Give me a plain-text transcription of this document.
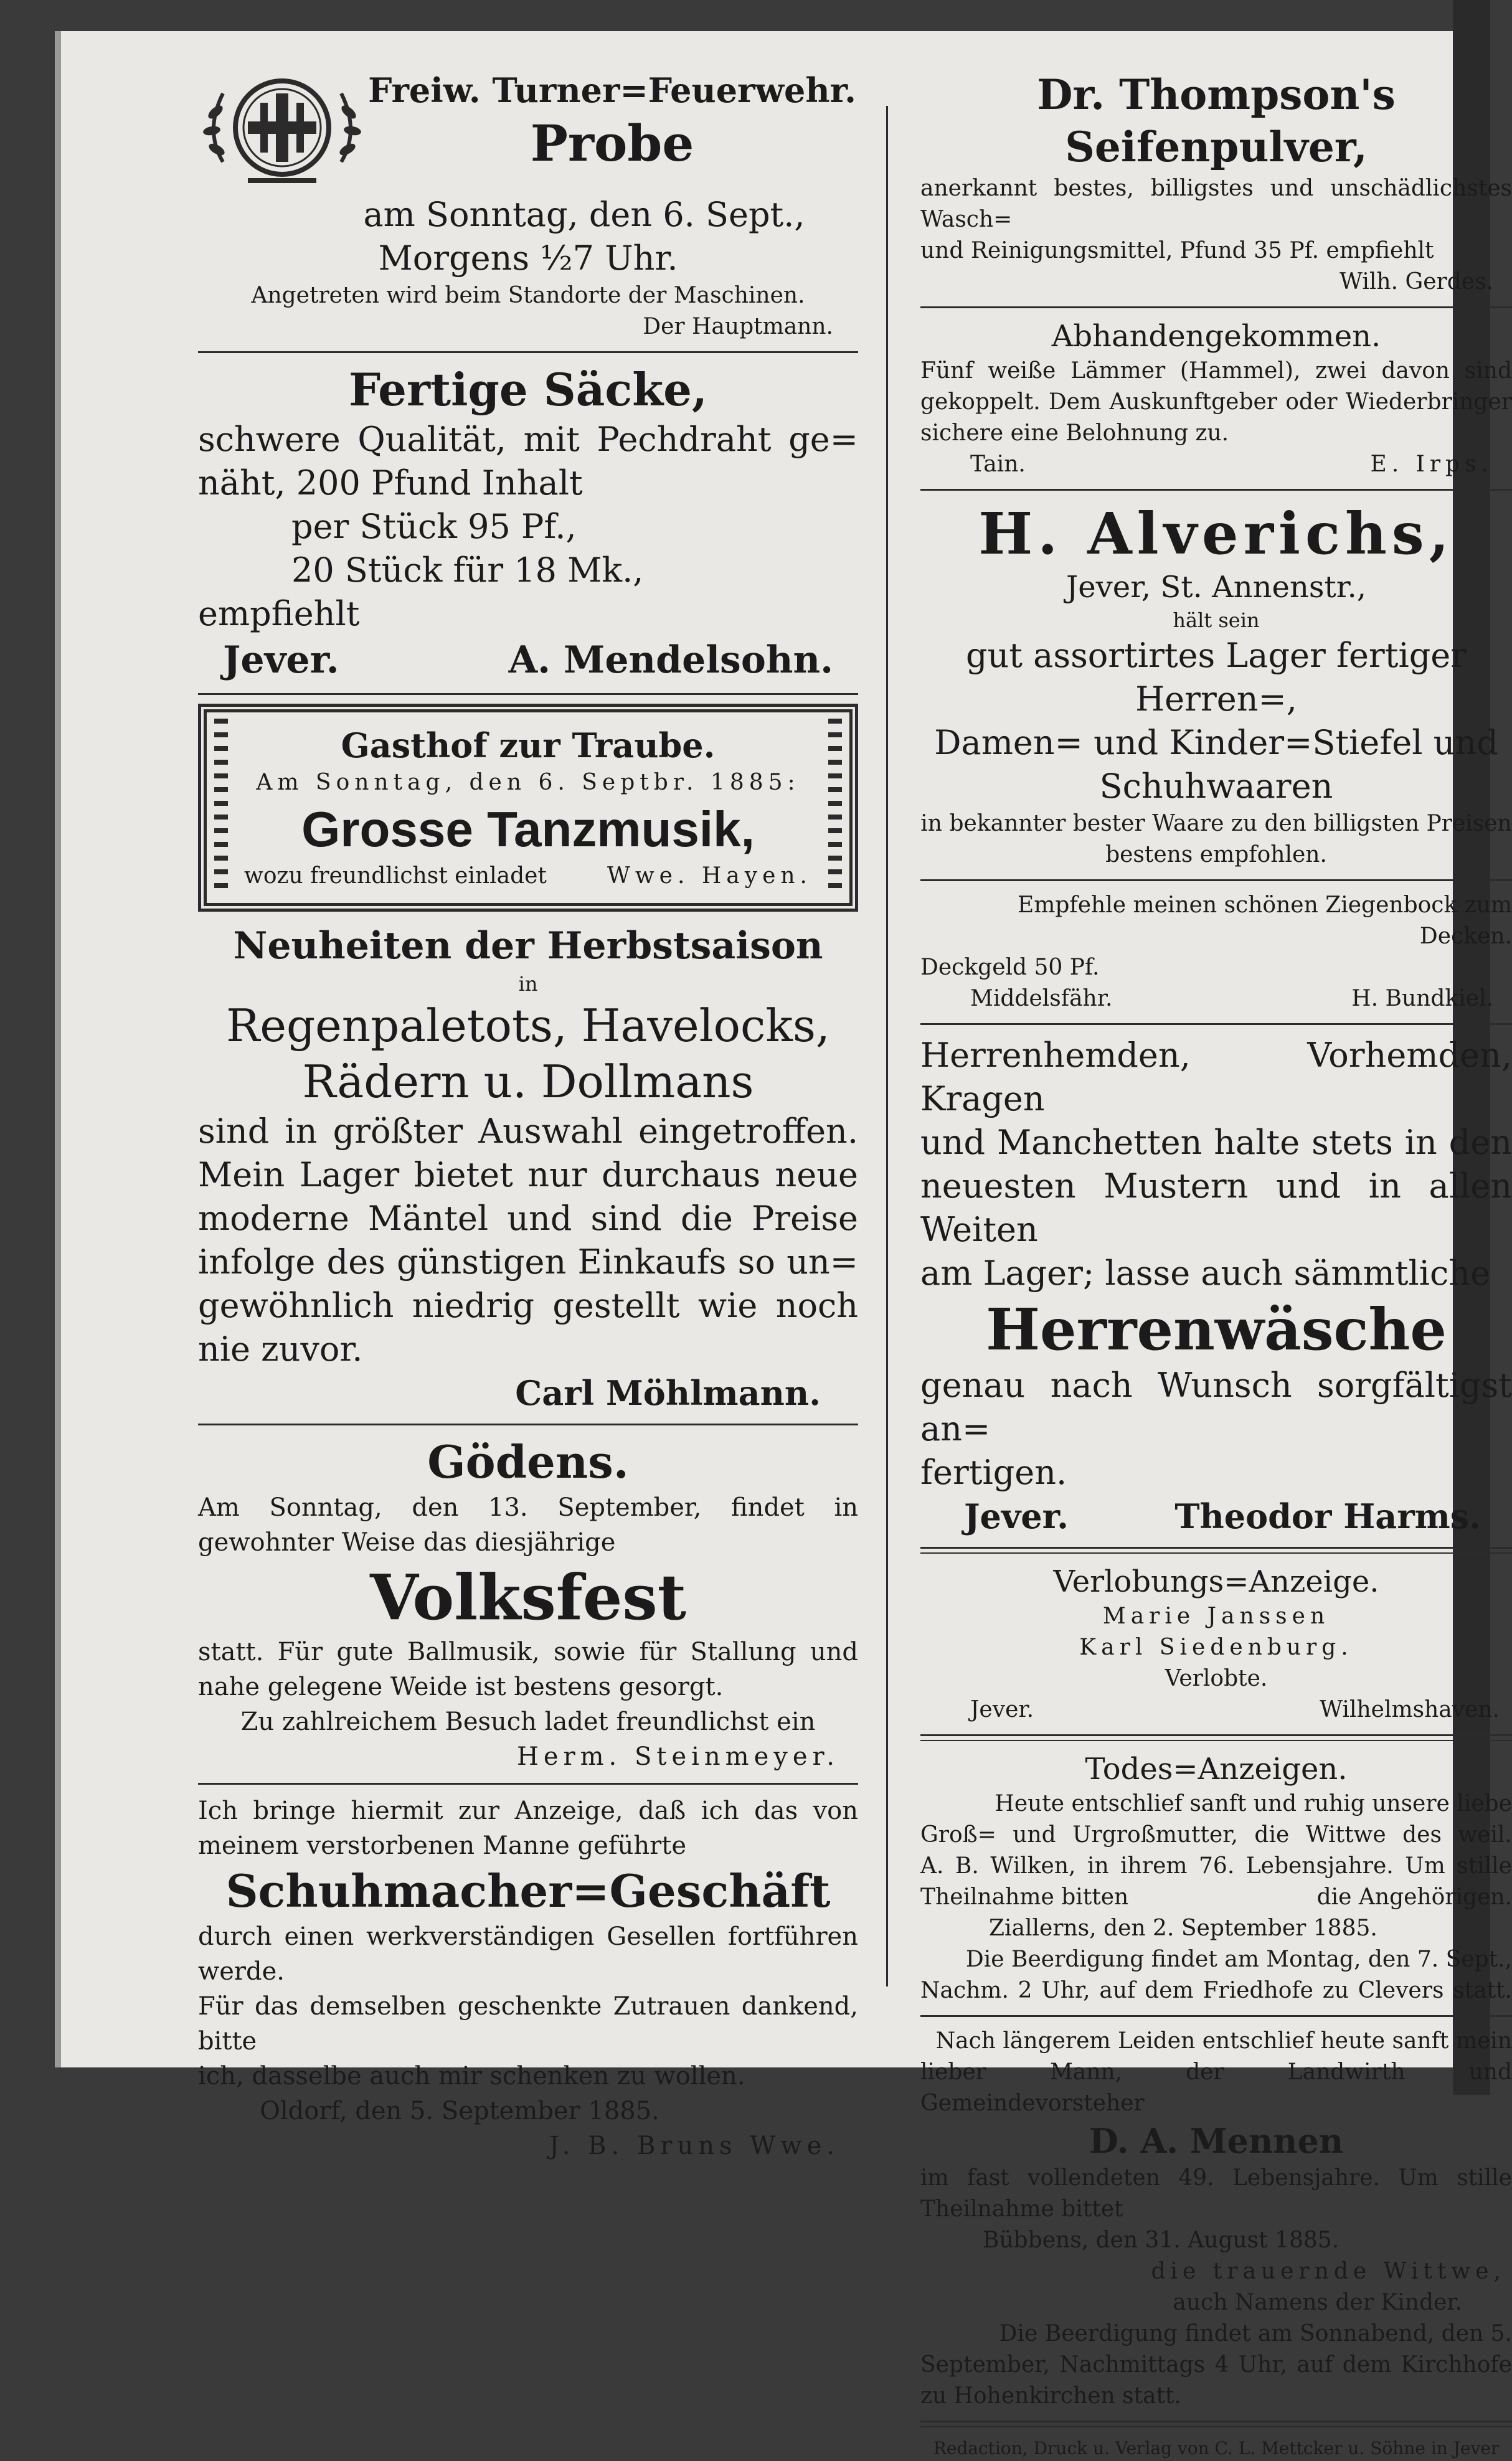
Freiw. Turner=Feuerwehr.
Probe
am Sonntag, den 6. Sept.,
Morgens ½7 Uhr.
Angetreten wird beim Standorte der Maschinen.
Der Hauptmann.
Fertige Säcke,
schwere Qualität, mit Pechdraht ge=
näht, 200 Pfund Inhalt
per Stück 95 Pf.,
20 Stück für 18 Mk.,
empfiehlt
Jever.	A. Mendelsohn.
Gasthof zur Traube.
Am Sonntag, den 6. Septbr. 1885:
Grosse Tanzmusik,
wozu freundlichst einladet	Wwe. Hayen.
Neuheiten der Herbstsaison
in
Regenpaletots, Havelocks,
Rädern u. Dollmans
sind in größter Auswahl eingetroffen.
Mein Lager bietet nur durchaus neue
moderne Mäntel und sind die Preise
infolge des günstigen Einkaufs so un=
gewöhnlich niedrig gestellt wie noch
nie zuvor.
Carl Möhlmann.
Gödens.
Am Sonntag, den 13. September, findet in
gewohnter Weise das diesjährige
Volksfest
statt. Für gute Ballmusik, sowie für Stallung und
nahe gelegene Weide ist bestens gesorgt.
Zu zahlreichem Besuch ladet freundlichst ein
Herm. Steinmeyer.
Ich bringe hiermit zur Anzeige, daß ich das von
meinem verstorbenen Manne geführte
Schuhmacher=Geschäft
durch einen werkverständigen Gesellen fortführen werde.
Für das demselben geschenkte Zutrauen dankend, bitte
ich, dasselbe auch mir schenken zu wollen.
Oldorf, den 5. September 1885.
J. B. Bruns Wwe.
Dr. Thompson's Seifenpulver,
anerkannt bestes, billigstes und unschädlichstes Wasch=
und Reinigungsmittel, Pfund 35 Pf. empfiehlt
Wilh. Gerdes.
Abhandengekommen.
Fünf weiße Lämmer (Hammel), zwei davon sind
gekoppelt. Dem Auskunftgeber oder Wiederbringer
sichere eine Belohnung zu.
Tain.	E. Irps.
H. Alverichs,
Jever, St. Annenstr.,
hält sein
gut assortirtes Lager fertiger Herren=,
Damen= und Kinder=Stiefel und
Schuhwaaren
in bekannter bester Waare zu den billigsten Preisen
bestens empfohlen.
Empfehle meinen schönen Ziegenbock zum Decken.
Deckgeld 50 Pf.
Middelsfähr.	H. Bundkiel.
Herrenhemden, Vorhemden, Kragen
und Manchetten halte stets in den
neuesten Mustern und in allen Weiten
am Lager; lasse auch sämmtliche
Herrenwäsche
genau nach Wunsch sorgfältigst an=
fertigen.
Jever.	Theodor Harms.
Verlobungs=Anzeige.
Marie Janssen
Karl Siedenburg.
Verlobte.
Jever.	Wilhelmshaven.
Todes=Anzeigen.
Heute entschlief sanft und ruhig unsere liebe
Groß= und Urgroßmutter, die Wittwe des weil.
A. B. Wilken, in ihrem 76. Lebensjahre. Um stille
Theilnahme bitten	die Angehörigen.
Ziallerns, den 2. September 1885.
Die Beerdigung findet am Montag, den 7. Sept.,
Nachm. 2 Uhr, auf dem Friedhofe zu Clevers statt.
Nach längerem Leiden entschlief heute sanft mein
lieber Mann, der Landwirth und Gemeindevorsteher
D. A. Mennen
im fast vollendeten 49. Lebensjahre. Um stille
Theilnahme bittet
Bübbens, den 31. August 1885.
die trauernde Wittwe,
auch Namens der Kinder.
Die Beerdigung findet am Sonnabend, den 5.
September, Nachmittags 4 Uhr, auf dem Kirchhofe
zu Hohenkirchen statt.
Redaction, Druck u. Verlag von C. L. Mettcker u. Söhne in Jever
